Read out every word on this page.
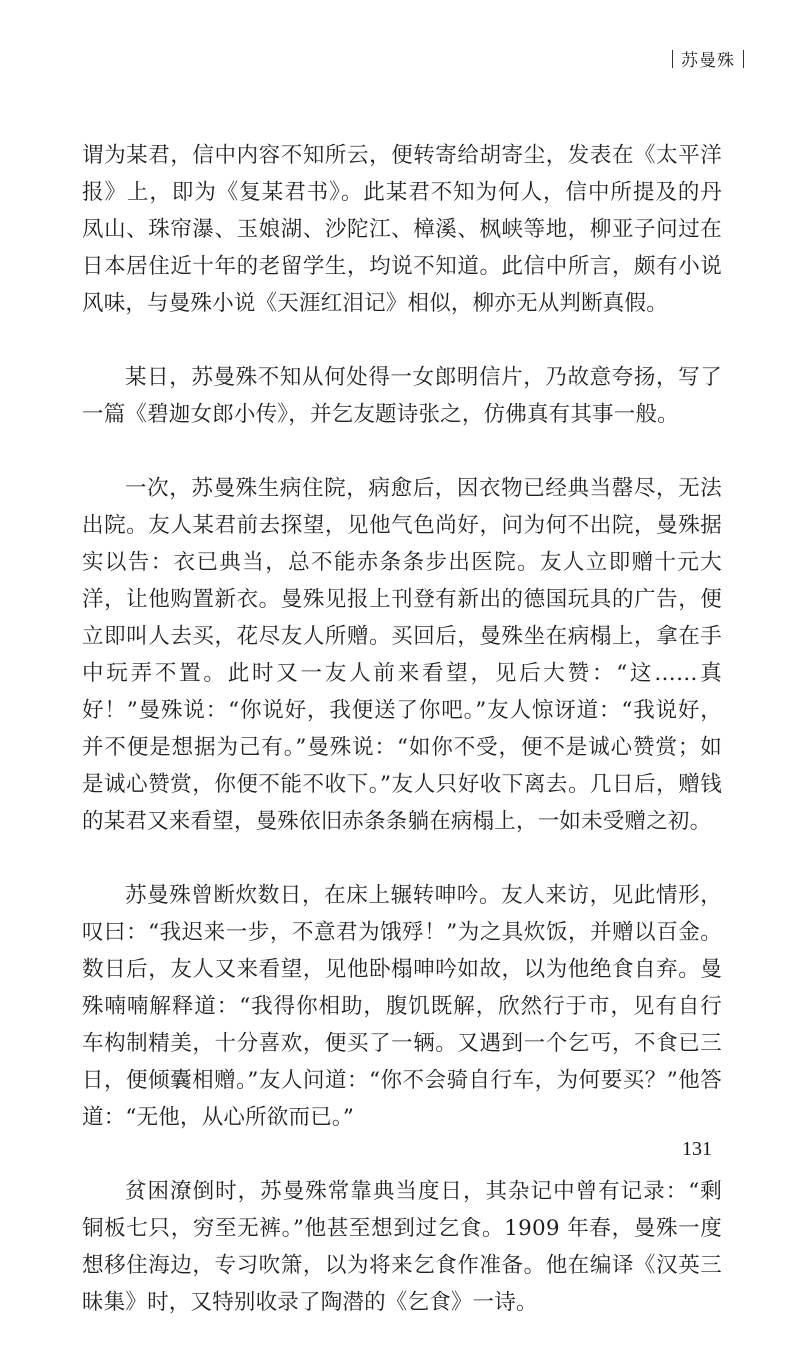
苏曼殊

谓为某君，信中内容不知所云，便转寄给胡寄尘，发表在《太平洋报》上，即为《复某君书》。此某君不知为何人，信中所提及的丹凤山、珠帘瀑、玉娘湖、沙陀江、樟溪、枫峡等地，柳亚子问过在日本居住近十年的老留学生，均说不知道。此信中所言，颇有小说风味，与曼殊小说《天涯红泪记》相似，柳亦无从判断真假。

某日，苏曼殊不知从何处得一女郎明信片，乃故意夸扬，写了一篇《碧迦女郎小传》，并乞友题诗张之，仿佛真有其事一般。

一次，苏曼殊生病住院，病愈后，因衣物已经典当罄尽，无法出院。友人某君前去探望，见他气色尚好，问为何不出院，曼殊据实以告：衣已典当，总不能赤条条步出医院。友人立即赠十元大洋，让他购置新衣。曼殊见报上刊登有新出的德国玩具的广告，便立即叫人去买，花尽友人所赠。买回后，曼殊坐在病榻上，拿在手中玩弄不置。此时又一友人前来看望，见后大赞：“这……真好！”曼殊说：“你说好，我便送了你吧。”友人惊讶道：“我说好，并不便是想据为己有。”曼殊说：“如你不受，便不是诚心赞赏；如是诚心赞赏，你便不能不收下。”友人只好收下离去。几日后，赠钱的某君又来看望，曼殊依旧赤条条躺在病榻上，一如未受赠之初。

苏曼殊曾断炊数日，在床上辗转呻吟。友人来访，见此情形，叹曰：“我迟来一步，不意君为饿殍！”为之具炊饭，并赠以百金。数日后，友人又来看望，见他卧榻呻吟如故，以为他绝食自弃。曼殊喃喃解释道：“我得你相助，腹饥既解，欣然行于市，见有自行车构制精美，十分喜欢，便买了一辆。又遇到一个乞丐，不食已三日，便倾囊相赠。”友人问道：“你不会骑自行车，为何要买？”他答道：“无他，从心所欲而已。”

贫困潦倒时，苏曼殊常靠典当度日，其杂记中曾有记录：“剩铜板七只，穷至无裤。”他甚至想到过乞食。1909 年春，曼殊一度想移住海边，专习吹箫，以为将来乞食作准备。他在编译《汉英三昧集》时，又特别收录了陶潜的《乞食》一诗。

131
